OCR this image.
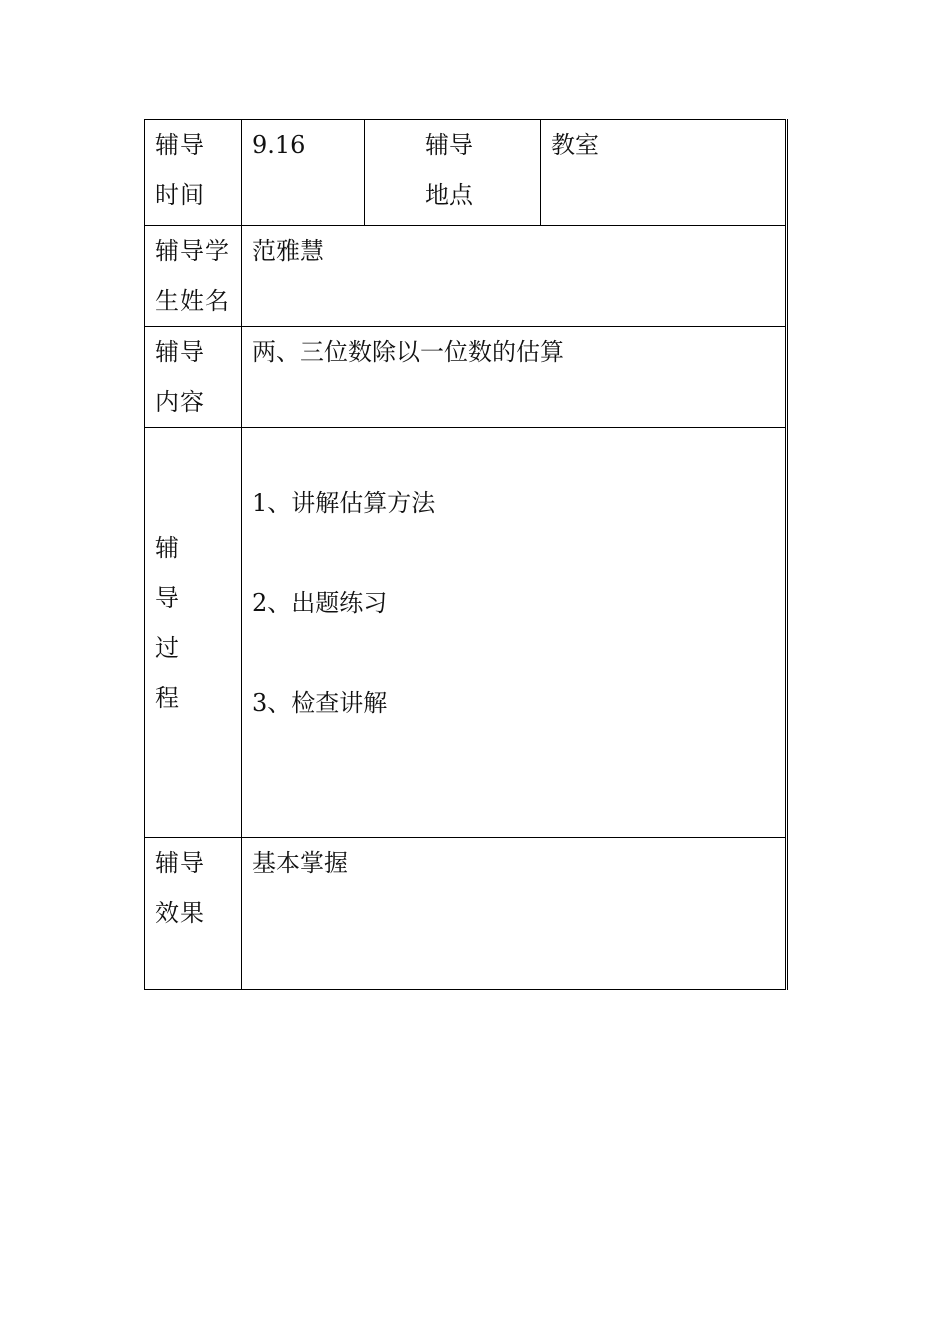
辅导
时间	9.16	辅导
地点	教室

辅导学
生姓名	范雅慧		

辅导
内容	两、三位数除以一位数的估算		

辅
导
过
程	1、讲解估算方法

2、出题练习

3、检查讲解		

辅导
效果	基本掌握		
